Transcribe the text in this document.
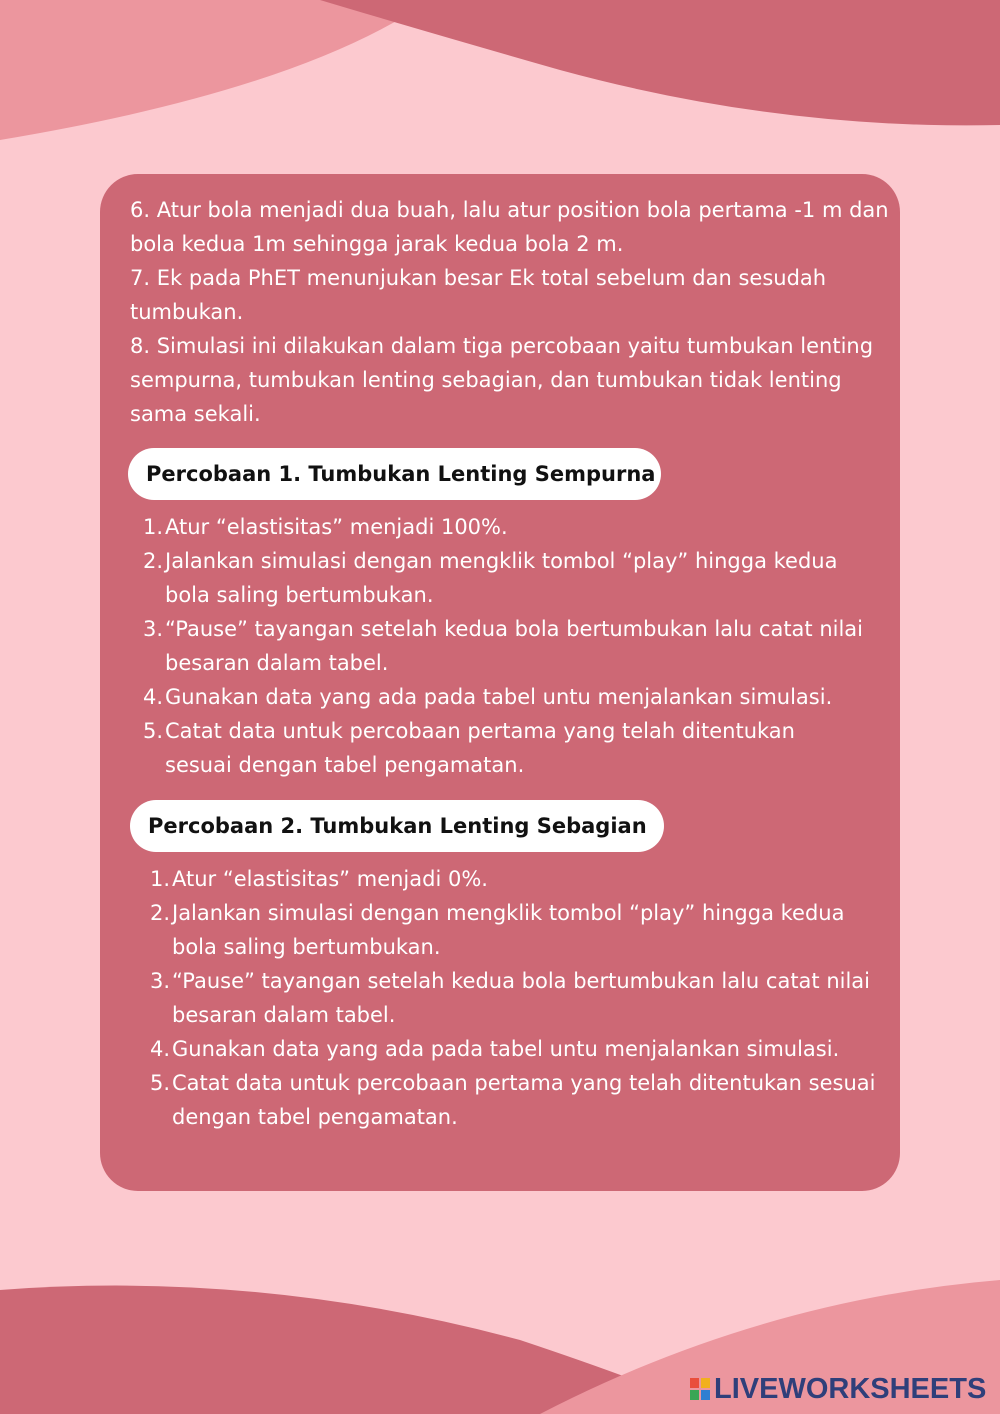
6. Atur bola menjadi dua buah, lalu atur position bola pertama -1 m dan bola kedua 1m sehingga jarak kedua bola 2 m.

7. Ek pada PhET menunjukan besar Ek total sebelum dan sesudah tumbukan.

8. Simulasi ini dilakukan dalam tiga percobaan yaitu tumbukan lenting sempurna, tumbukan lenting sebagian, dan tumbukan tidak lenting sama sekali.

Percobaan 1. Tumbukan Lenting Sempurna
1. Atur “elastisitas” menjadi 100%.
2. Jalankan simulasi dengan mengklik tombol “play” hingga kedua bola saling bertumbukan.
3. “Pause” tayangan setelah kedua bola bertumbukan lalu catat nilai besaran dalam tabel.
4. Gunakan data yang ada pada tabel untu menjalankan simulasi.
5. Catat data untuk percobaan pertama yang telah ditentukan sesuai dengan tabel pengamatan.
Percobaan 2. Tumbukan Lenting Sebagian
1. Atur “elastisitas” menjadi 0%.
2. Jalankan simulasi dengan mengklik tombol “play” hingga kedua bola saling bertumbukan.
3. “Pause” tayangan setelah kedua bola bertumbukan lalu catat nilai besaran dalam tabel.
4. Gunakan data yang ada pada tabel untu menjalankan simulasi.
5. Catat data untuk percobaan pertama yang telah ditentukan sesuai dengan tabel pengamatan.
LIVEWORKSHEETS
